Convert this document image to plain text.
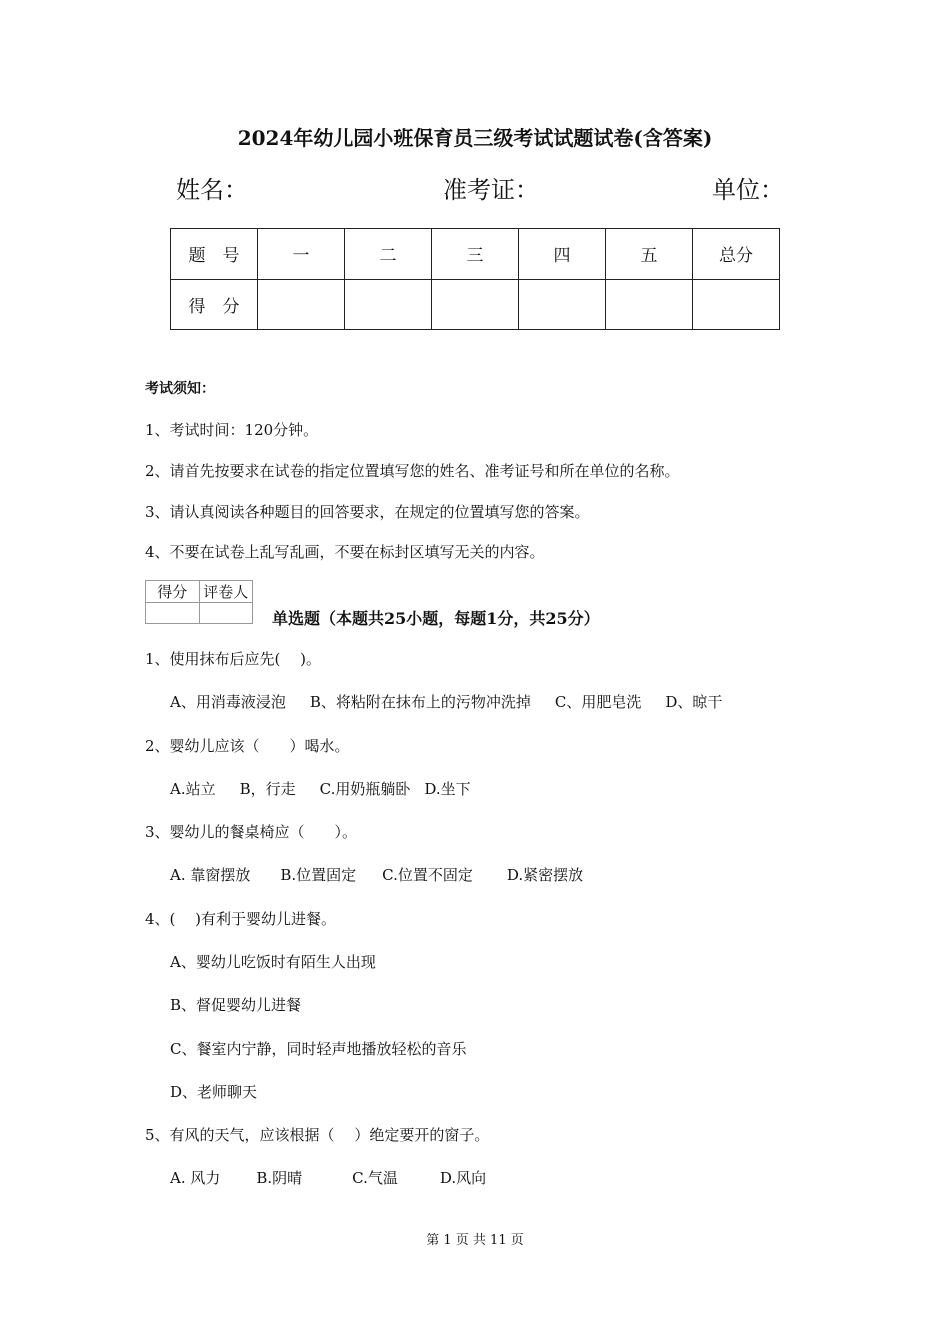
2024年幼儿园小班保育员三级考试试题试卷(含答案)
姓名：	准考证：	单位：
题　号	一	二	三	四	五	总分
得　分						
考试须知：
1、考试时间：120分钟。
2、请首先按要求在试卷的指定位置填写您的姓名、准考证号和所在单位的名称。
3、请认真阅读各种题目的回答要求，在规定的位置填写您的答案。
4、不要在试卷上乱写乱画，不要在标封区填写无关的内容。
得分	评卷人

单选题（本题共25小题，每题1分，共25分）
1、使用抹布后应先(　 )。
A、用消毒液浸泡 B、将粘附在抹布上的污物冲洗掉 C、用肥皂洗 D、晾干
2、婴幼儿应该（　　）喝水。
A.站立 B，行走 C.用奶瓶躺卧 D.坐下
3、婴幼儿的餐桌椅应（　　）。
A. 靠窗摆放 B.位置固定 C.位置不固定 D.紧密摆放
4、(　 )有利于婴幼儿进餐。
A、婴幼儿吃饭时有陌生人出现
B、督促婴幼儿进餐
C、餐室内宁静，同时轻声地播放轻松的音乐
D、老师聊天
5、有风的天气，应该根据（　 ）绝定要开的窗子。
A. 风力 B.阴晴	C.气温	D.风向
第 1 页 共 11 页
